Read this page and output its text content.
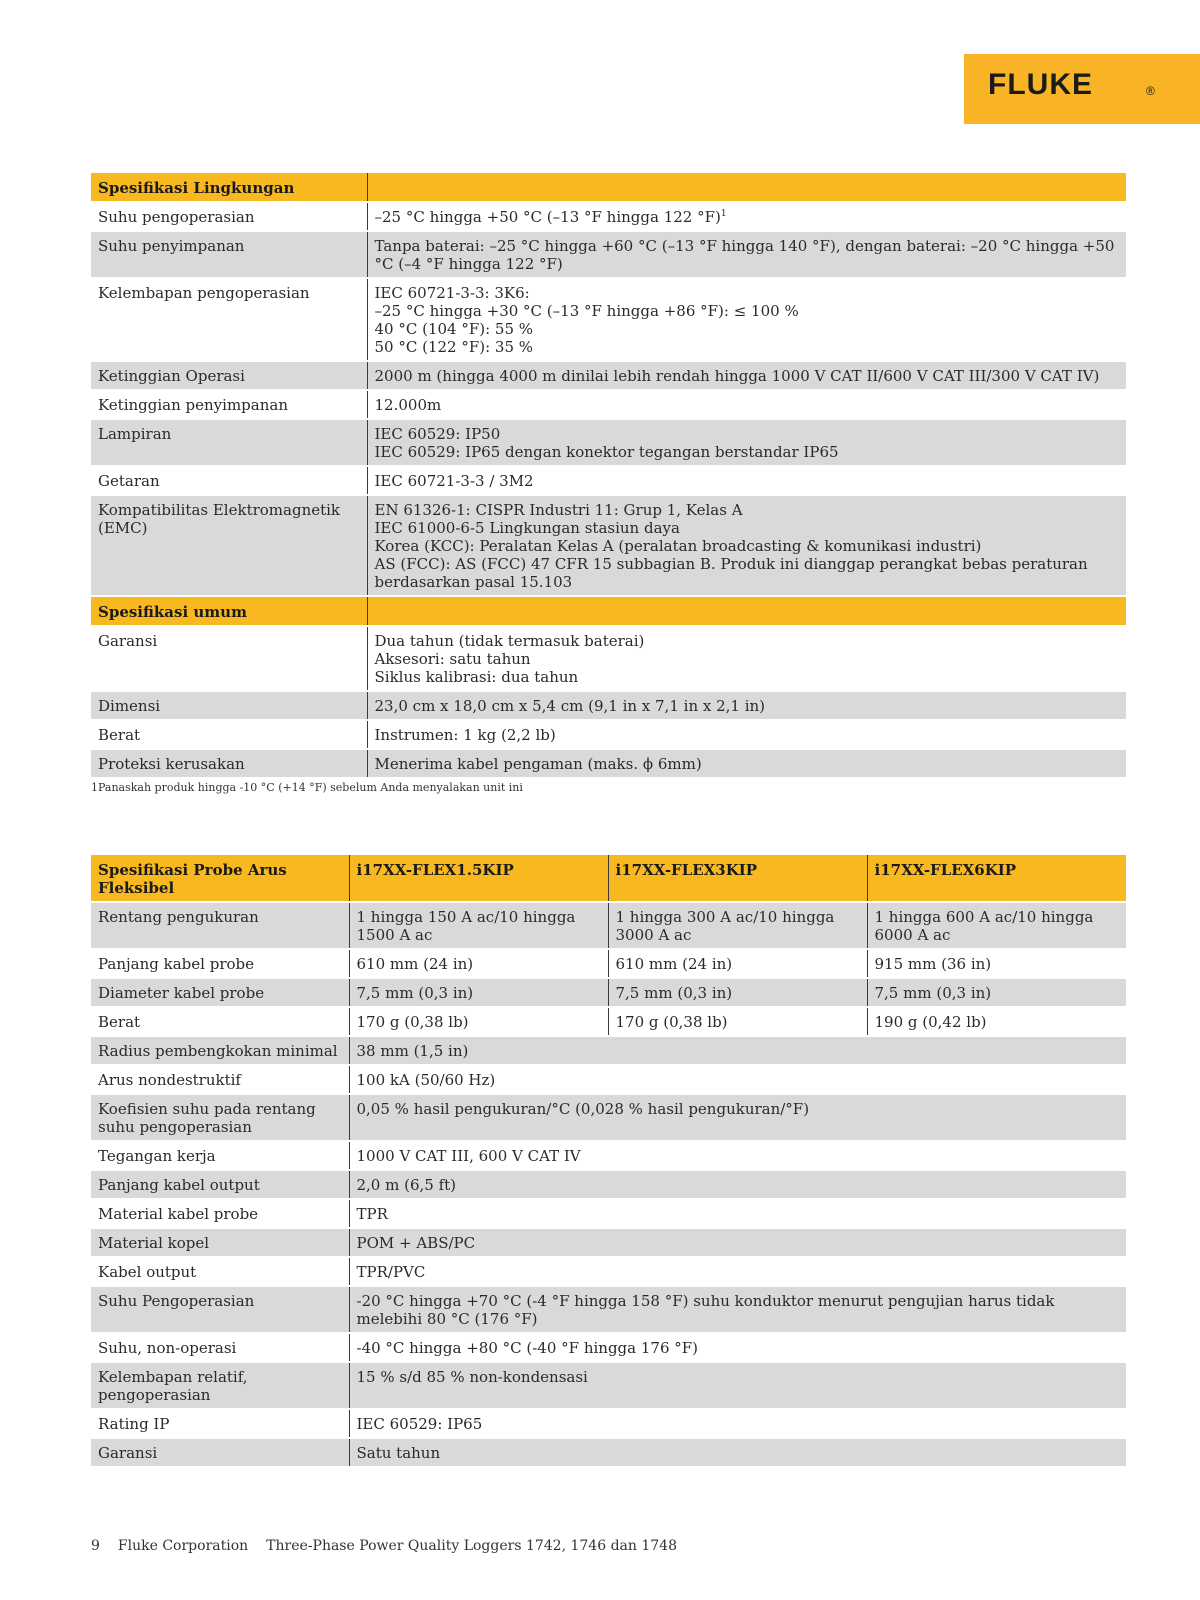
FLUKE	®
Spesifikasi Lingkungan	
Suhu pengoperasian	–25 °C hingga +50 °C (–13 °F hingga 122 °F)$^1$

Suhu penyimpanan	Tanpa baterai: –25 °C hingga +60 °C (–13 °F hingga 140 °F), dengan baterai: –20 °C hingga +50 °C (–4 °F hingga 122 °F)

Kelembapan pengoperasian	IEC 60721-3-3: 3K6:
–25 °C hingga +30 °C (–13 °F hingga +86 °F): ≤ 100 %
40 °C (104 °F): 55 %
50 °C (122 °F): 35 %

Ketinggian Operasi	2000 m (hingga 4000 m dinilai lebih rendah hingga 1000 V CAT II/600 V CAT III/300 V CAT IV)

Ketinggian penyimpanan	12.000m

Lampiran	IEC 60529: IP50
IEC 60529: IP65 dengan konektor tegangan berstandar IP65

Getaran	IEC 60721-3-3 / 3M2

Kompatibilitas Elektromagnetik (EMC)	EN 61326-1: CISPR Industri 11: Grup 1, Kelas A
IEC 61000-6-5 Lingkungan stasiun daya
Korea (KCC): Peralatan Kelas A (peralatan broadcasting & komunikasi industri)
AS (FCC): AS (FCC) 47 CFR 15 subbagian B. Produk ini dianggap perangkat bebas peraturan berdasarkan pasal 15.103

Spesifikasi umum	
Garansi	Dua tahun (tidak termasuk baterai)
Aksesori: satu tahun
Siklus kalibrasi: dua tahun

Dimensi	23,0 cm x 18,0 cm x 5,4 cm (9,1 in x 7,1 in x 2,1 in)

Berat	Instrumen: 1 kg (2,2 lb)

Proteksi kerusakan	Menerima kabel pengaman (maks. ϕ 6mm)
1Panaskah produk hingga -10 °C (+14 °F) sebelum Anda menyalakan unit ini
Spesifikasi Probe Arus Fleksibel	i17XX-FLEX1.5KIP	i17XX-FLEX3KIP	i17XX-FLEX6KIP
Rentang pengukuran	1 hingga 150 A ac/10 hingga 1500 A ac	1 hingga 300 A ac/10 hingga 3000 A ac	1 hingga 600 A ac/10 hingga 6000 A ac
Panjang kabel probe	610 mm (24 in)	610 mm (24 in)	915 mm (36 in)
Diameter kabel probe	7,5 mm (0,3 in)	7,5 mm (0,3 in)	7,5 mm (0,3 in)
Berat	170 g (0,38 lb)	170 g (0,38 lb)	190 g (0,42 lb)
Radius pembengkokan minimal	38 mm (1,5 in)		
Arus nondestruktif	100 kA (50/60 Hz)		
Koefisien suhu pada rentang suhu pengoperasian	0,05 % hasil pengukuran/°C (0,028 % hasil pengukuran/°F)		
Tegangan kerja	1000 V CAT III, 600 V CAT IV		
Panjang kabel output	2,0 m (6,5 ft)		
Material kabel probe	TPR		
Material kopel	POM + ABS/PC		
Kabel output	TPR/PVC		
Suhu Pengoperasian	-20 °C hingga +70 °C (-4 °F hingga 158 °F) suhu konduktor menurut pengujian harus tidak melebihi 80 °C (176 °F)		
Suhu, non-operasi	-40 °C hingga +80 °C (-40 °F hingga 176 °F)		
Kelembapan relatif, pengoperasian	15 % s/d 85 % non-kondensasi		
Rating IP	IEC 60529: IP65		
Garansi	Satu tahun		
9 Fluke Corporation Three-Phase Power Quality Loggers 1742, 1746 dan 1748
